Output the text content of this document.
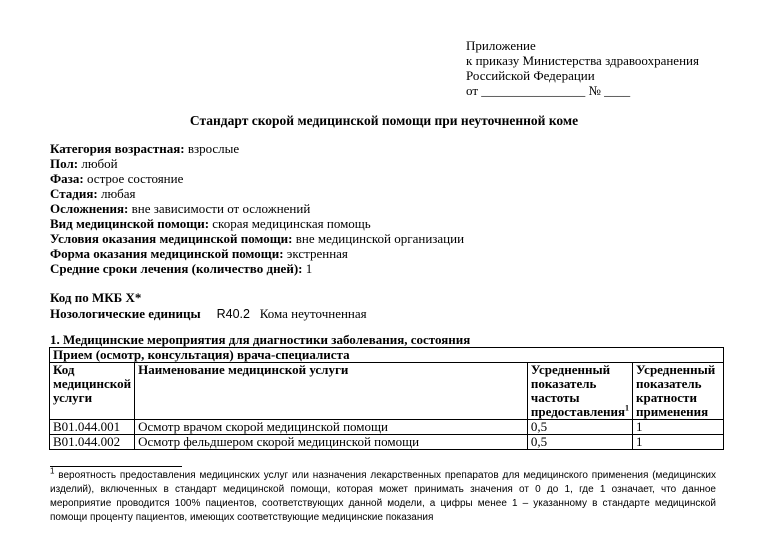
Приложение
к приказу Министерства здравоохранения
Российской Федерации
от ________________ № ____
Стандарт скорой медицинской помощи при неуточненной коме
Категория возрастная: взрослые
Пол: любой
Фаза: острое состояние
Стадия: любая
Осложнения: вне зависимости от осложнений
Вид медицинской помощи: скорая медицинская помощь
Условия оказания медицинской помощи: вне медицинской организации
Форма оказания медицинской помощи: экстренная
Средние сроки лечения (количество дней): 1
Код по МКБ X*
Нозологические единицы R40.2 Кома неуточненная
1. Медицинские мероприятия для диагностики заболевания, состояния
Прием (осмотр, консультация) врача-специалиста			
Код медицинской услуги	Наименование медицинской услуги	Усредненный показатель частоты предоставления$^1$	Усредненный показатель кратности применения
B01.044.001	Осмотр врачом скорой медицинской помощи	0,5	1
B01.044.002	Осмотр фельдшером скорой медицинской помощи	0,5	1
$^1$ вероятность предоставления медицинских услуг или назначения лекарственных препаратов для медицинского применения (медицинских изделий), включенных в стандарт медицинской помощи, которая может принимать значения от 0 до 1, где 1 означает, что данное мероприятие проводится 100% пациентов, соответствующих данной модели, а цифры менее 1 – указанному в стандарте медицинской помощи проценту пациентов, имеющих соответствующие медицинские показания
